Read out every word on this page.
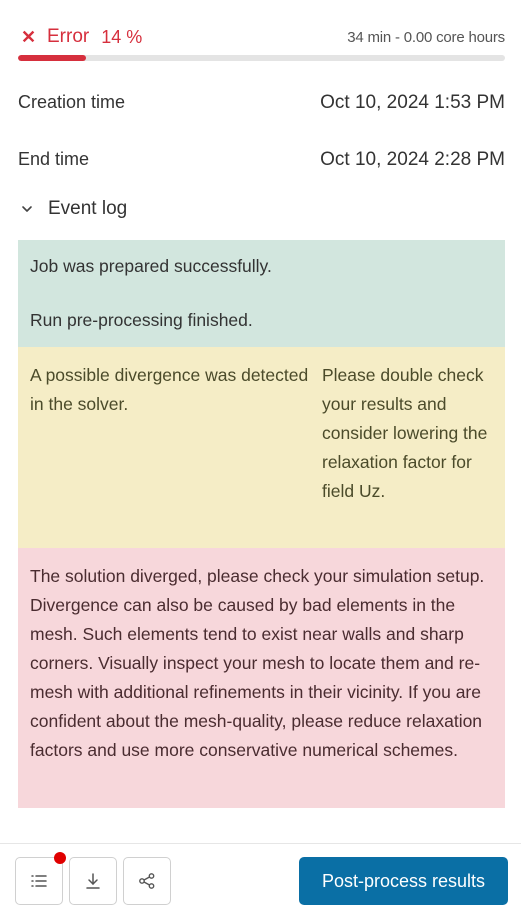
✕ Error 14 %	34 min - 0.00 core hours
Creation time	Oct 10, 2024 1:53 PM
End time	Oct 10, 2024 2:28 PM
Event log

Job was prepared successfully.

Run pre-processing finished.

A possible divergence was detected in the solver.
Please double check your results and consider lowering the relaxation factor for field Uz.
The solution diverged, please check your simulation setup. Divergence can also be caused by bad elements in the mesh. Such elements tend to exist near walls and sharp corners. Visually inspect your mesh to locate them and re-mesh with additional refinements in their vicinity. If you are confident about the mesh-quality, please reduce relaxation factors and use more conservative numerical schemes.
Post-process results
